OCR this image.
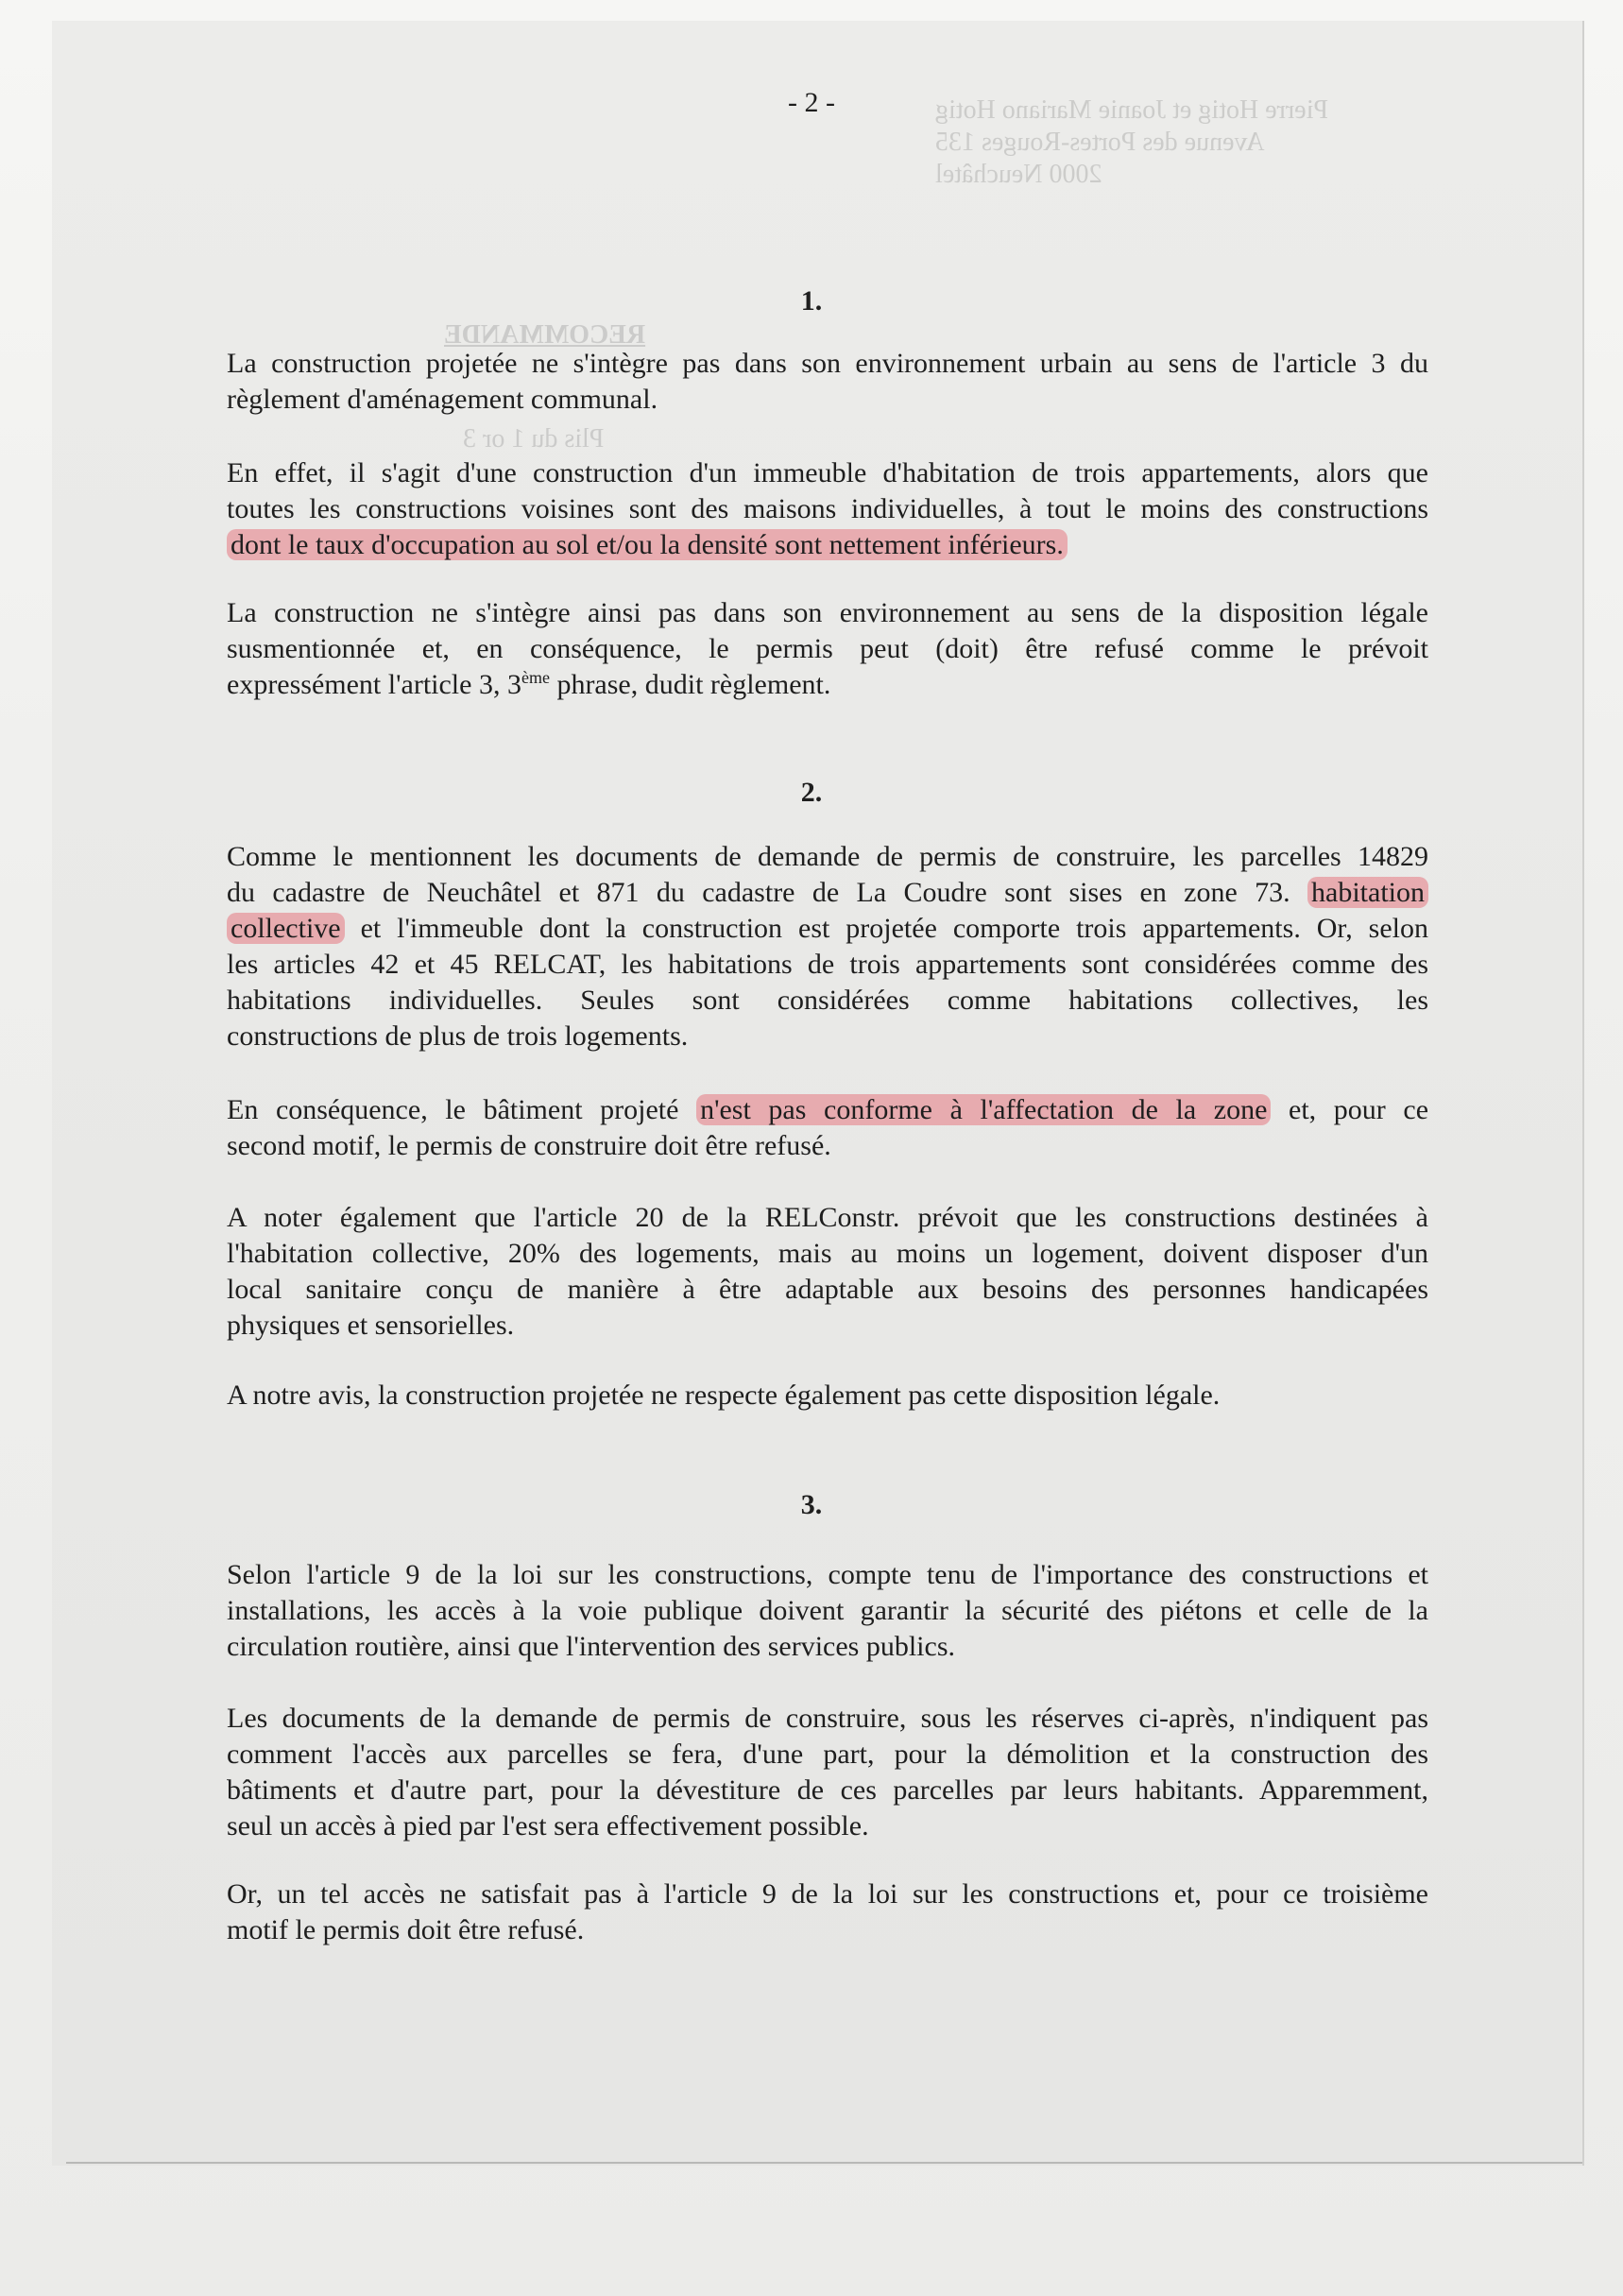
Pierre Hotig et Joanie Mariano Hotig
Avenue des Portes-Rouges 135
2000 Neuchâtel
RECOMMANDE
Plis du 1 or 3
- 2 -
1.
La construction projetée ne s'intègre pas dans son environnement urbain au sens de l'article 3 du
règlement d'aménagement communal.
En effet, il s'agit d'une construction d'un immeuble d'habitation de trois appartements, alors que
toutes les constructions voisines sont des maisons individuelles, à tout le moins des constructions
dont le taux d'occupation au sol et/ou la densité sont nettement inférieurs.
La construction ne s'intègre ainsi pas dans son environnement au sens de la disposition légale
susmentionnée et, en conséquence, le permis peut (doit) être refusé comme le prévoit
expressément l'article 3, 3ème phrase, dudit règlement.
2.
Comme le mentionnent les documents de demande de permis de construire, les parcelles 14829
du cadastre de Neuchâtel et 871 du cadastre de La Coudre sont sises en zone 73. habitation
collective et l'immeuble dont la construction est projetée comporte trois appartements. Or, selon
les articles 42 et 45 RELCAT, les habitations de trois appartements sont considérées comme des
habitations individuelles. Seules sont considérées comme habitations collectives, les
constructions de plus de trois logements.
En conséquence, le bâtiment projeté n'est pas conforme à l'affectation de la zone et, pour ce
second motif, le permis de construire doit être refusé.
A noter également que l'article 20 de la RELConstr. prévoit que les constructions destinées à
l'habitation collective, 20% des logements, mais au moins un logement, doivent disposer d'un
local sanitaire conçu de manière à être adaptable aux besoins des personnes handicapées
physiques et sensorielles.
A notre avis, la construction projetée ne respecte également pas cette disposition légale.
3.
Selon l'article 9 de la loi sur les constructions, compte tenu de l'importance des constructions et
installations, les accès à la voie publique doivent garantir la sécurité des piétons et celle de la
circulation routière, ainsi que l'intervention des services publics.
Les documents de la demande de permis de construire, sous les réserves ci-après, n'indiquent pas
comment l'accès aux parcelles se fera, d'une part, pour la démolition et la construction des
bâtiments et d'autre part, pour la dévestiture de ces parcelles par leurs habitants. Apparemment,
seul un accès à pied par l'est sera effectivement possible.
Or, un tel accès ne satisfait pas à l'article 9 de la loi sur les constructions et, pour ce troisième
motif le permis doit être refusé.
